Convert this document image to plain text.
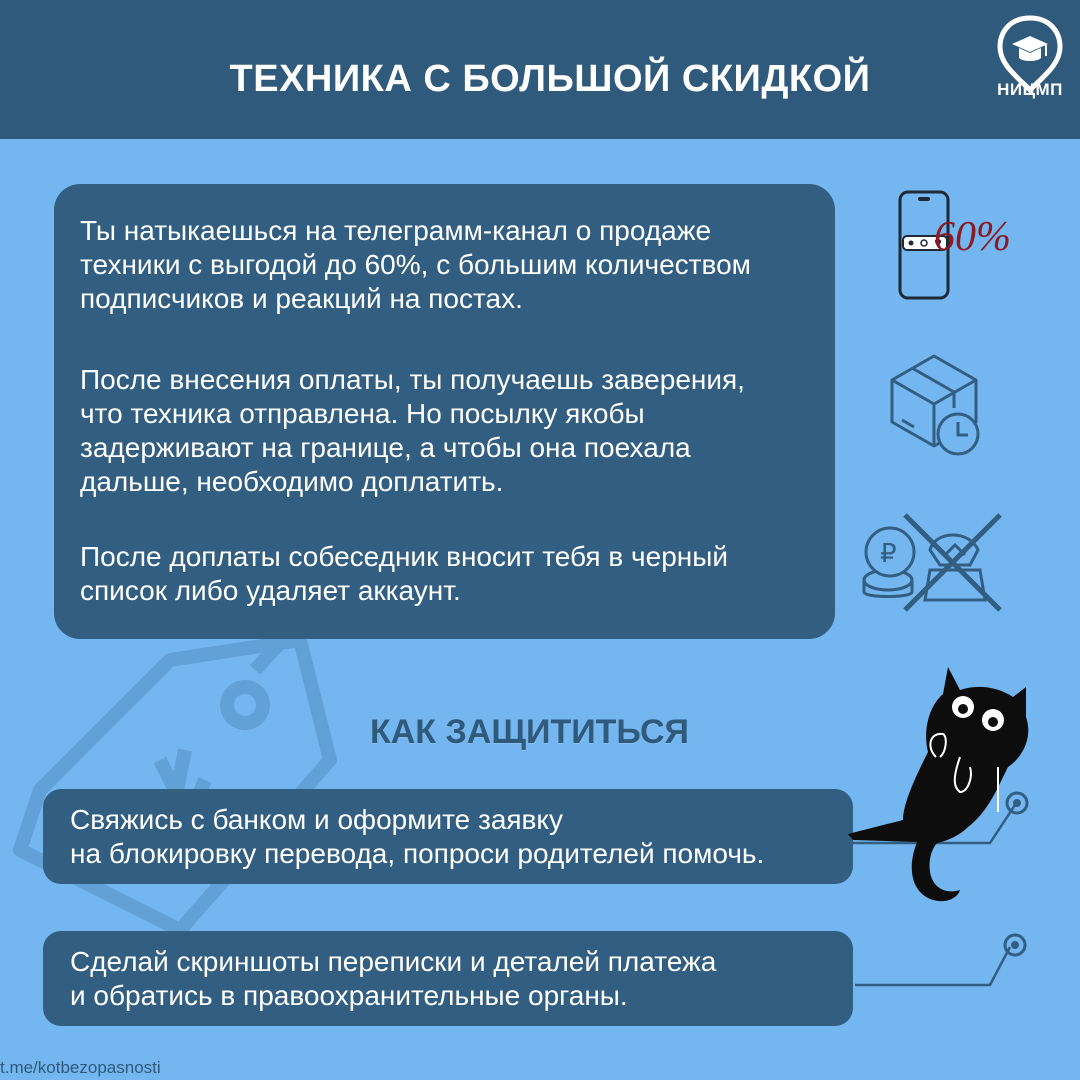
ТЕХНИКА С БОЛЬШОЙ СКИДКОЙ	НИЦМП

Ты натыкаешься на телеграмм-канал о продаже
техники с выгодой до 60%, с большим количеством
подписчиков и реакций на постах.

После внесения оплаты, ты получаешь заверения,
что техника отправлена. Но посылку якобы
задерживают на границе, а чтобы она поехала
дальше, необходимо доплатить.

После доплаты собеседник вносит тебя в черный
список либо удаляет аккаунт.

60%
₽
КАК ЗАЩИТИТЬСЯ

Свяжись с банком и оформите заявку
на блокировку перевода, попроси родителей помочь.

Сделай скриншоты переписки и деталей платежа
и обратись в правоохранительные органы.

t.me/kotbezopasnosti
